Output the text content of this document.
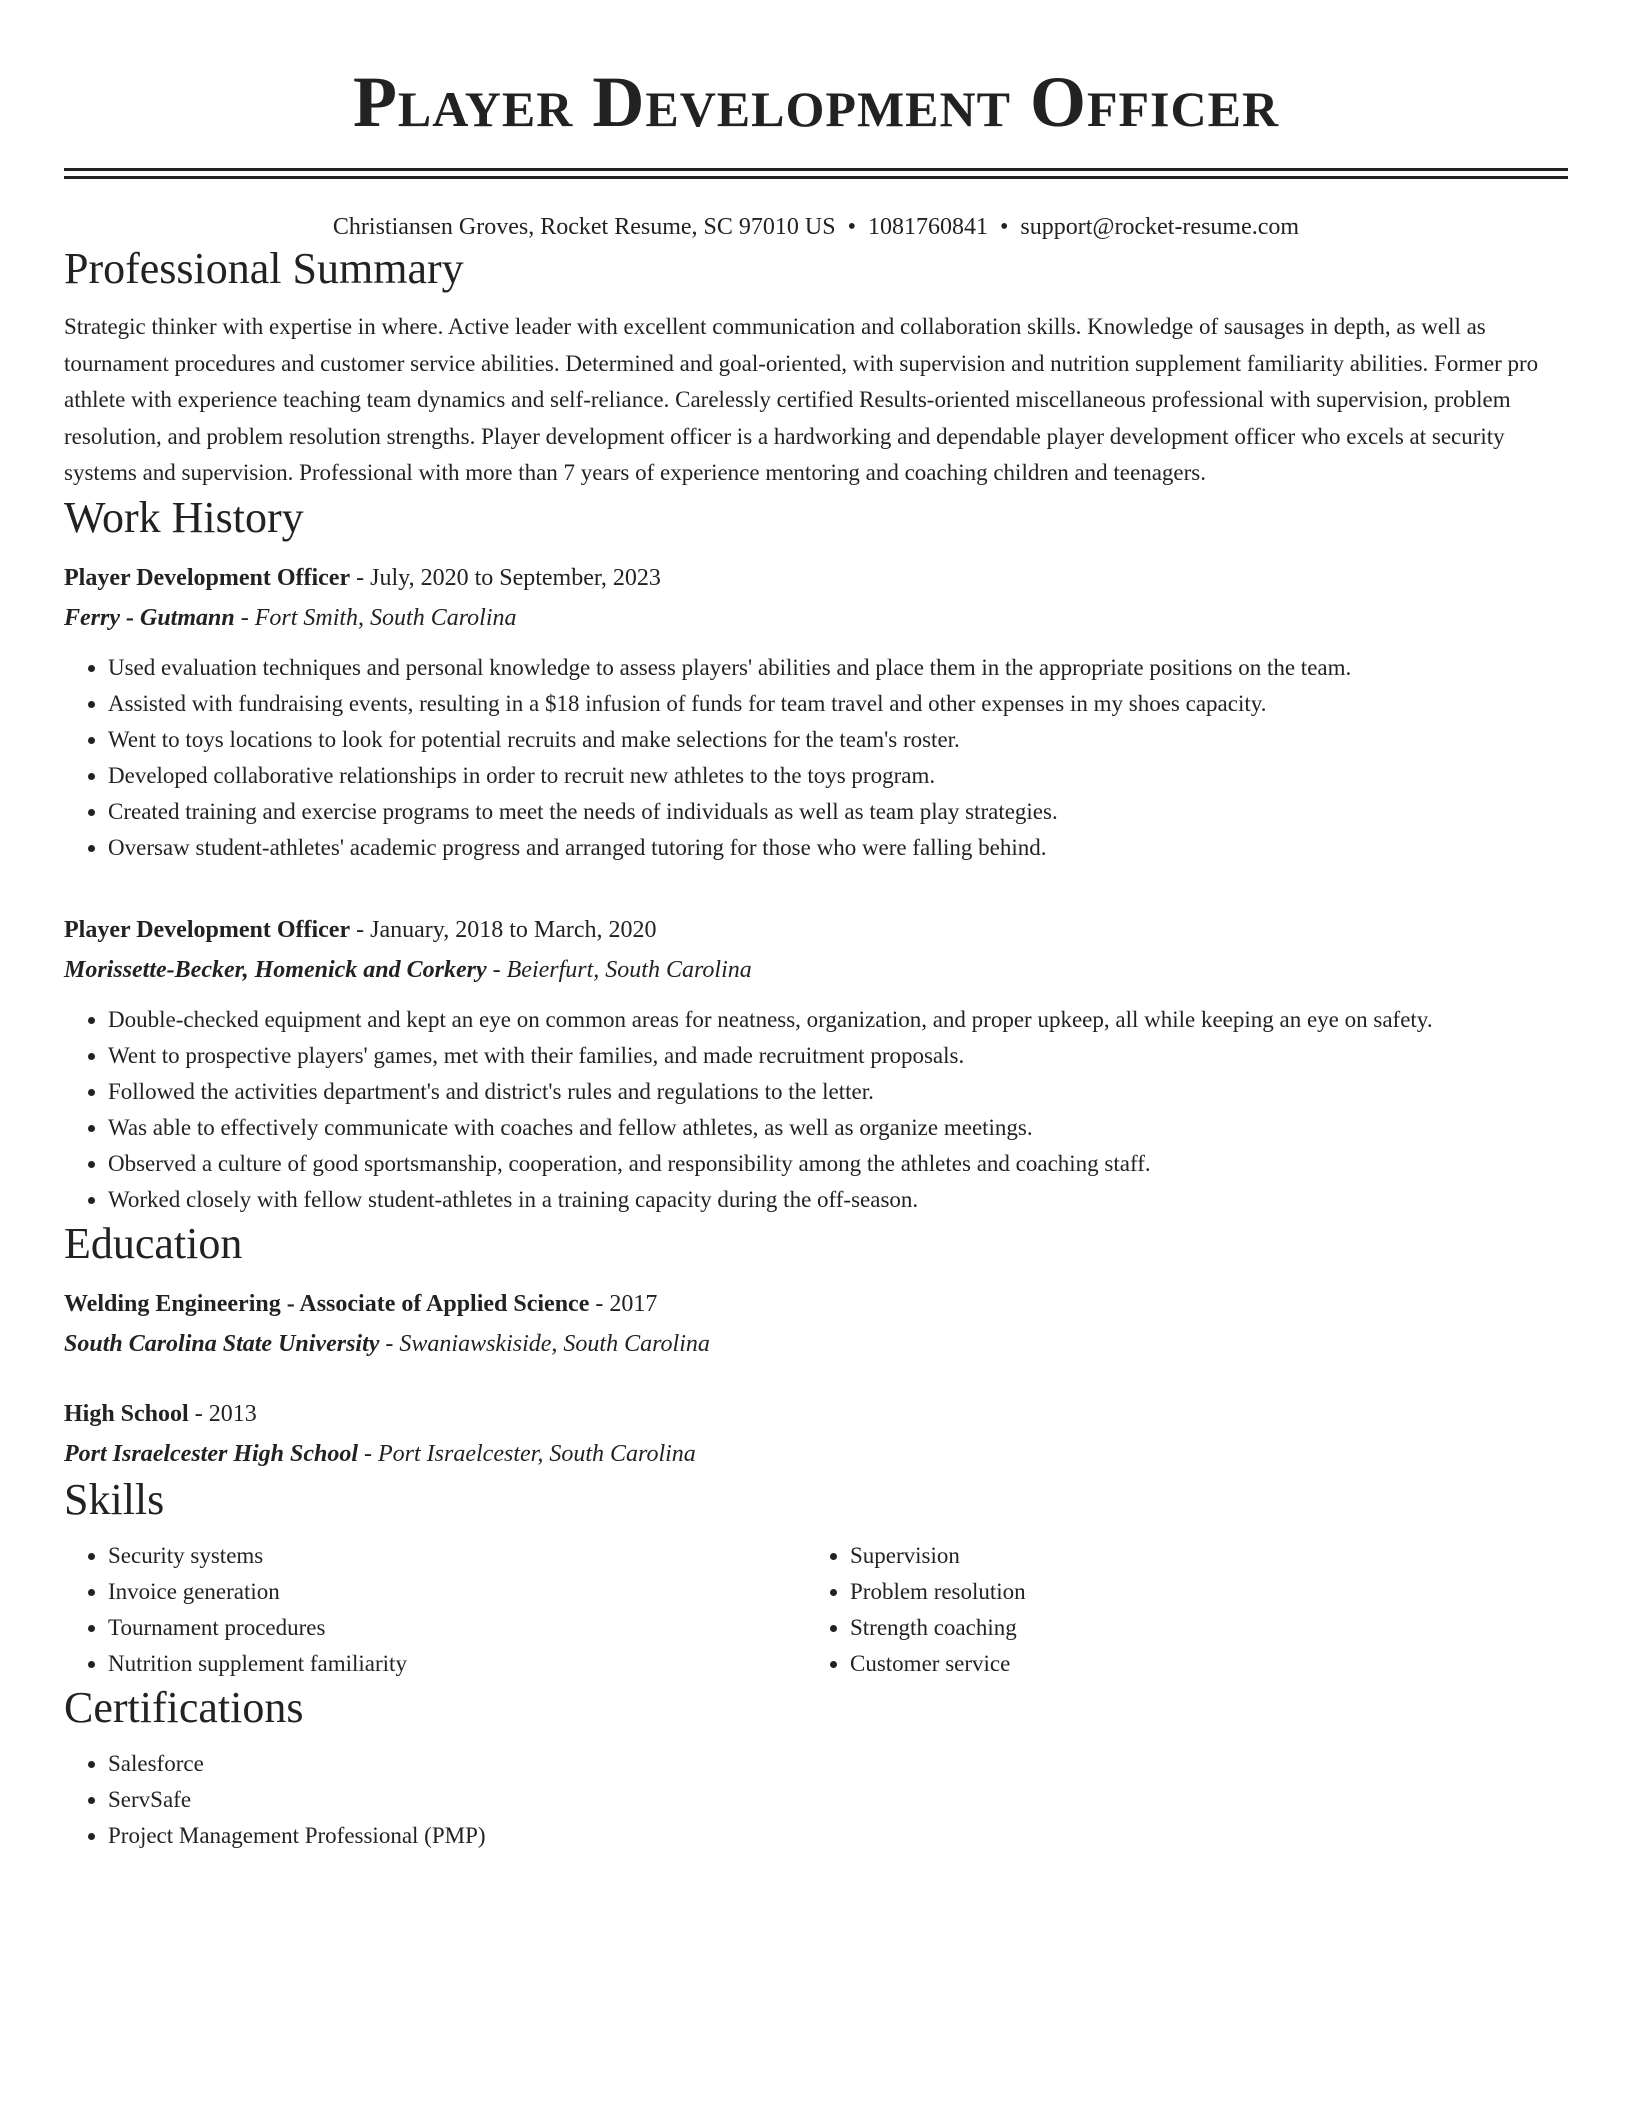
Player Development Officer
Christiansen Groves, Rocket Resume, SC 97010 US • 1081760841 • support@rocket-resume.com
Professional Summary
Strategic thinker with expertise in where. Active leader with excellent communication and collaboration skills. Knowledge of sausages in depth, as well as tournament procedures and customer service abilities. Determined and goal-oriented, with supervision and nutrition supplement familiarity abilities. Former pro athlete with experience teaching team dynamics and self-reliance. Carelessly certified Results-oriented miscellaneous professional with supervision, problem resolution, and problem resolution strengths. Player development officer is a hardworking and dependable player development officer who excels at security systems and supervision. Professional with more than 7 years of experience mentoring and coaching children and teenagers.
Work History
Player Development Officer - July, 2020 to September, 2023
Ferry - Gutmann - Fort Smith, South Carolina
• Used evaluation techniques and personal knowledge to assess players' abilities and place them in the appropriate positions on the team.
• Assisted with fundraising events, resulting in a $18 infusion of funds for team travel and other expenses in my shoes capacity.
• Went to toys locations to look for potential recruits and make selections for the team's roster.
• Developed collaborative relationships in order to recruit new athletes to the toys program.
• Created training and exercise programs to meet the needs of individuals as well as team play strategies.
• Oversaw student-athletes' academic progress and arranged tutoring for those who were falling behind.
Player Development Officer - January, 2018 to March, 2020
Morissette-Becker, Homenick and Corkery - Beierfurt, South Carolina
• Double-checked equipment and kept an eye on common areas for neatness, organization, and proper upkeep, all while keeping an eye on safety.
• Went to prospective players' games, met with their families, and made recruitment proposals.
• Followed the activities department's and district's rules and regulations to the letter.
• Was able to effectively communicate with coaches and fellow athletes, as well as organize meetings.
• Observed a culture of good sportsmanship, cooperation, and responsibility among the athletes and coaching staff.
• Worked closely with fellow student-athletes in a training capacity during the off-season.
Education
Welding Engineering - Associate of Applied Science - 2017
South Carolina State University - Swaniawskiside, South Carolina
High School - 2013
Port Israelcester High School - Port Israelcester, South Carolina
Skills
• Security systems
• Invoice generation
• Tournament procedures
• Nutrition supplement familiarity
• Supervision
• Problem resolution
• Strength coaching
• Customer service
Certifications
• Salesforce
• ServSafe
• Project Management Professional (PMP)
